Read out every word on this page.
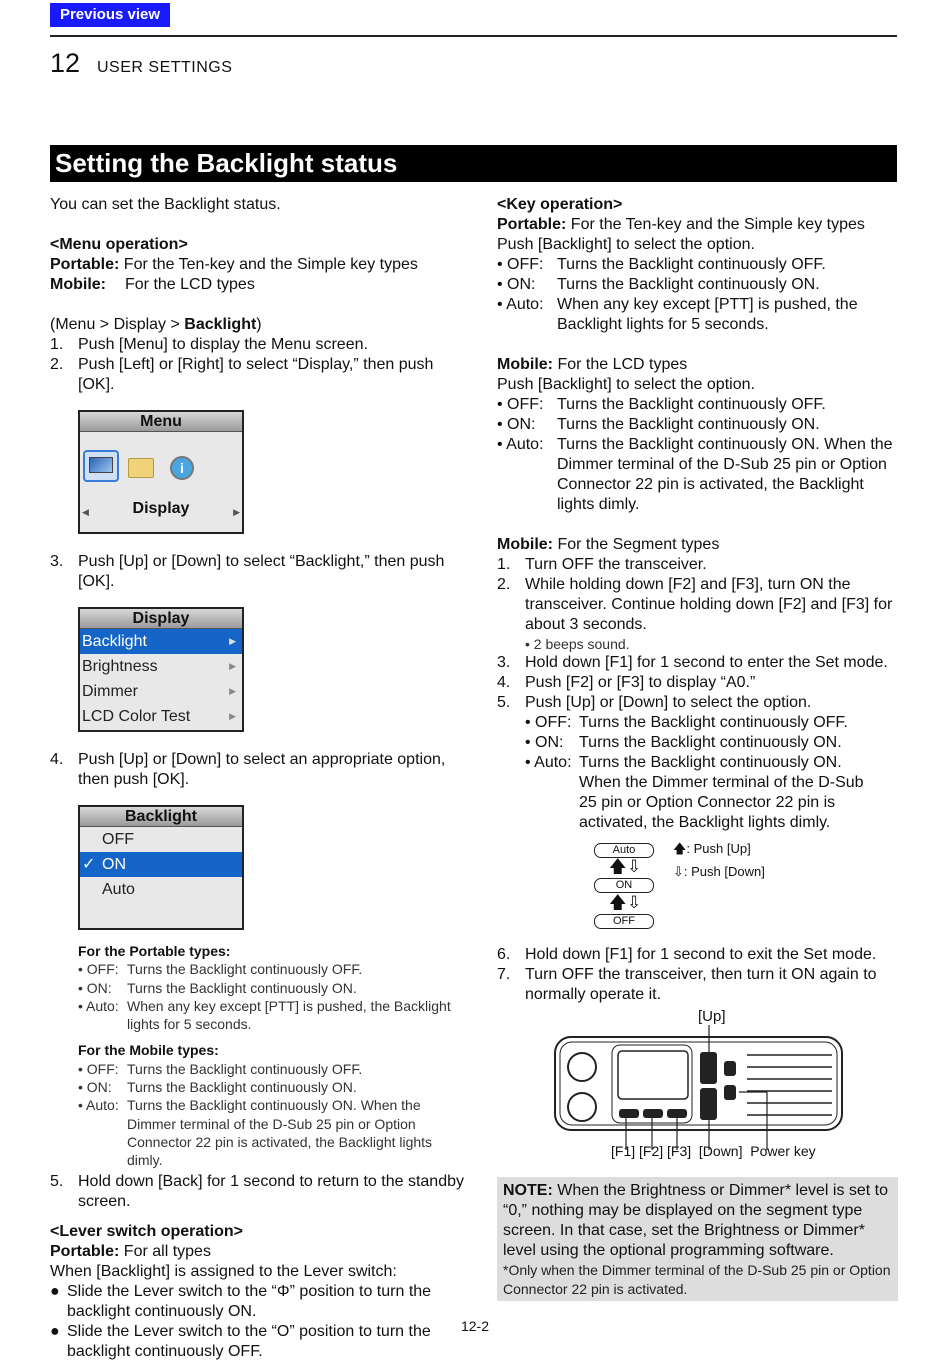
Previous view
12 USER SETTINGS
Setting the Backlight status
You can set the Backlight status.
<Menu operation>
Portable: For the Ten-key and the Simple key types
Mobile: For the LCD types
(Menu > Display > Backlight)
1. Push [Menu] to display the Menu screen.
2. Push [Left] or [Right] to select “Display,” then push [OK].
Menu
i
◀	Display	▶
3. Push [Up] or [Down] to select “Backlight,” then push [OK].
Display
Backlight	▶
Brightness	▶
Dimmer	▶
LCD Color Test	▶
4. Push [Up] or [Down] to select an appropriate option, then push [OK].
Backlight
OFF
✓ ON
Auto
For the Portable types:
• OFF: Turns the Backlight continuously OFF.
• ON:	Turns the Backlight continuously ON.
• Auto: When any key except [PTT] is pushed, the Backlight lights for 5 seconds.
For the Mobile types:
• OFF: Turns the Backlight continuously OFF.
• ON:	Turns the Backlight continuously ON.
• Auto: Turns the Backlight continuously ON. When the Dimmer terminal of the D-Sub 25 pin or Option Connector 22 pin is activated, the Backlight lights dimly.
5. Hold down [Back] for 1 second to return to the standby screen.
<Lever switch operation>
Portable: For all types
When [Backlight] is assigned to the Lever switch:
● Slide the Lever switch to the “Φ” position to turn the backlight continuously ON.
● Slide the Lever switch to the “O” position to turn the backlight continuously OFF.
<Key operation>
Portable: For the Ten-key and the Simple key types
Push [Backlight] to select the option.
• OFF: Turns the Backlight continuously OFF.
• ON:	Turns the Backlight continuously ON.
• Auto: When any key except [PTT] is pushed, the Backlight lights for 5 seconds.
Mobile: For the LCD types
Push [Backlight] to select the option.
• OFF: Turns the Backlight continuously OFF.
• ON:	Turns the Backlight continuously ON.
• Auto: Turns the Backlight continuously ON. When the Dimmer terminal of the D-Sub 25 pin or Option Connector 22 pin is activated, the Backlight lights dimly.
Mobile: For the Segment types
1. Turn OFF the transceiver.
2. While holding down [F2] and [F3], turn ON the transceiver. Continue holding down [F2] and [F3] for about 3 seconds.
• 2 beeps sound.
3. Hold down [F1] for 1 second to enter the Set mode.
4. Push [F2] or [F3] to display “A0.”
5. Push [Up] or [Down] to select the option.
• OFF: Turns the Backlight continuously OFF.
• ON: Turns the Backlight continuously ON.
• Auto: Turns the Backlight continuously ON. When the Dimmer terminal of the D-Sub 25 pin or Option Connector 22 pin is activated, the Backlight lights dimly.
Auto
🡅 ⇩
ON
🡅 ⇩
OFF
🡅: Push [Up]
⇩: Push [Down]
6. Hold down [F1] for 1 second to exit the Set mode.
7. Turn OFF the transceiver, then turn it ON again to normally operate it.
[Up]
[F1] [F2] [F3]  [Down]  Power key
NOTE: When the Brightness or Dimmer* level is set to “0,” nothing may be displayed on the segment type screen. In that case, set the Brightness or Dimmer* level using the optional programming software.
*Only when the Dimmer terminal of the D-Sub 25 pin or Option Connector 22 pin is activated.
12-2
